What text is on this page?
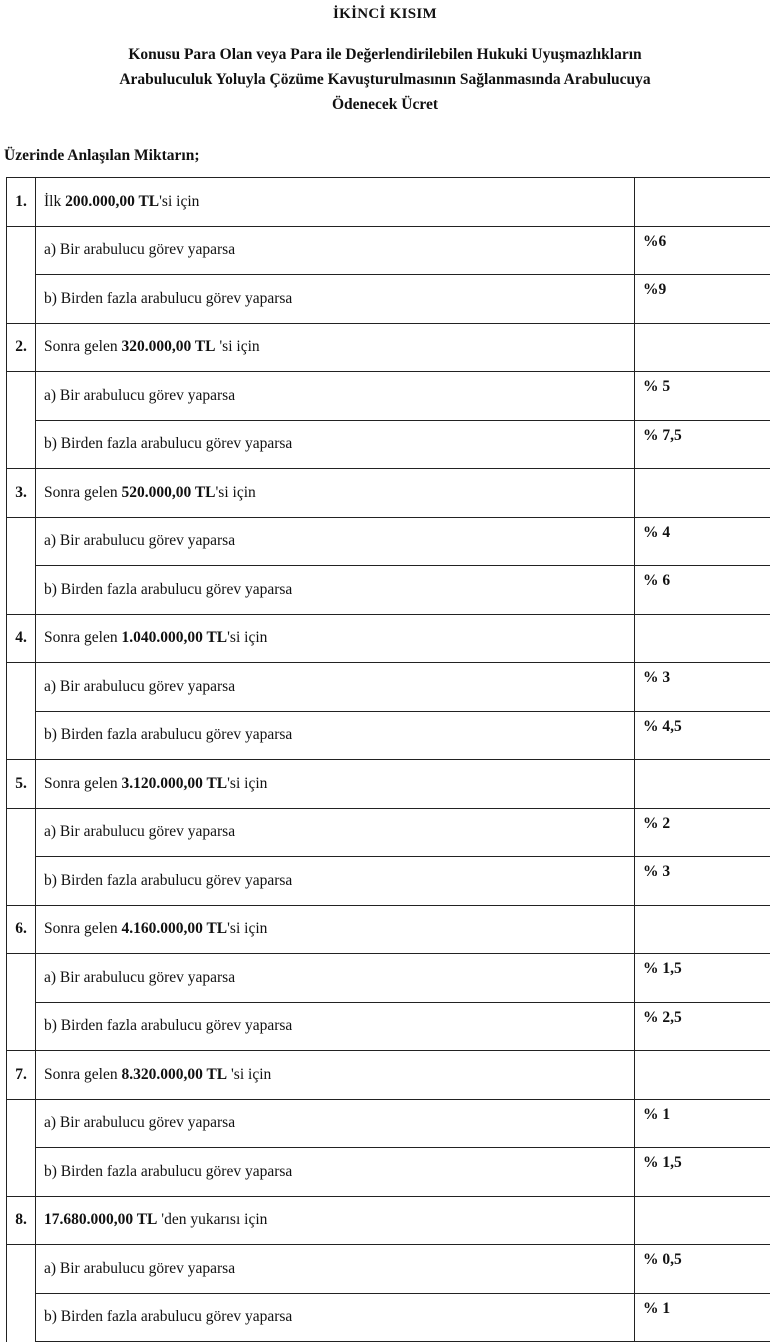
İKİNCİ KISIM
Konusu Para Olan veya Para ile Değerlendirilebilen Hukuki Uyuşmazlıkların
Arabuluculuk Yoluyla Çözüme Kavuşturulmasının Sağlanmasında Arabulucuya
Ödenecek Ücret
Üzerinde Anlaşılan Miktarın;
1.	İlk 200.000,00 TL'si için	
	a) Bir arabulucu görev yaparsa	%6
	b) Birden fazla arabulucu görev yaparsa	%9
2.	Sonra gelen 320.000,00 TL 'si için	
	a) Bir arabulucu görev yaparsa	% 5
	b) Birden fazla arabulucu görev yaparsa	% 7,5
3.	Sonra gelen 520.000,00 TL'si için	
	a) Bir arabulucu görev yaparsa	% 4
	b) Birden fazla arabulucu görev yaparsa	% 6
4.	Sonra gelen 1.040.000,00 TL'si için	
	a) Bir arabulucu görev yaparsa	% 3
	b) Birden fazla arabulucu görev yaparsa	% 4,5
5.	Sonra gelen 3.120.000,00 TL'si için	
	a) Bir arabulucu görev yaparsa	% 2
	b) Birden fazla arabulucu görev yaparsa	% 3
6.	Sonra gelen 4.160.000,00 TL'si için	
	a) Bir arabulucu görev yaparsa	% 1,5
	b) Birden fazla arabulucu görev yaparsa	% 2,5
7.	Sonra gelen 8.320.000,00 TL 'si için	
	a) Bir arabulucu görev yaparsa	% 1
	b) Birden fazla arabulucu görev yaparsa	% 1,5
8.	17.680.000,00 TL 'den yukarısı için	
	a) Bir arabulucu görev yaparsa	% 0,5
	b) Birden fazla arabulucu görev yaparsa	% 1
